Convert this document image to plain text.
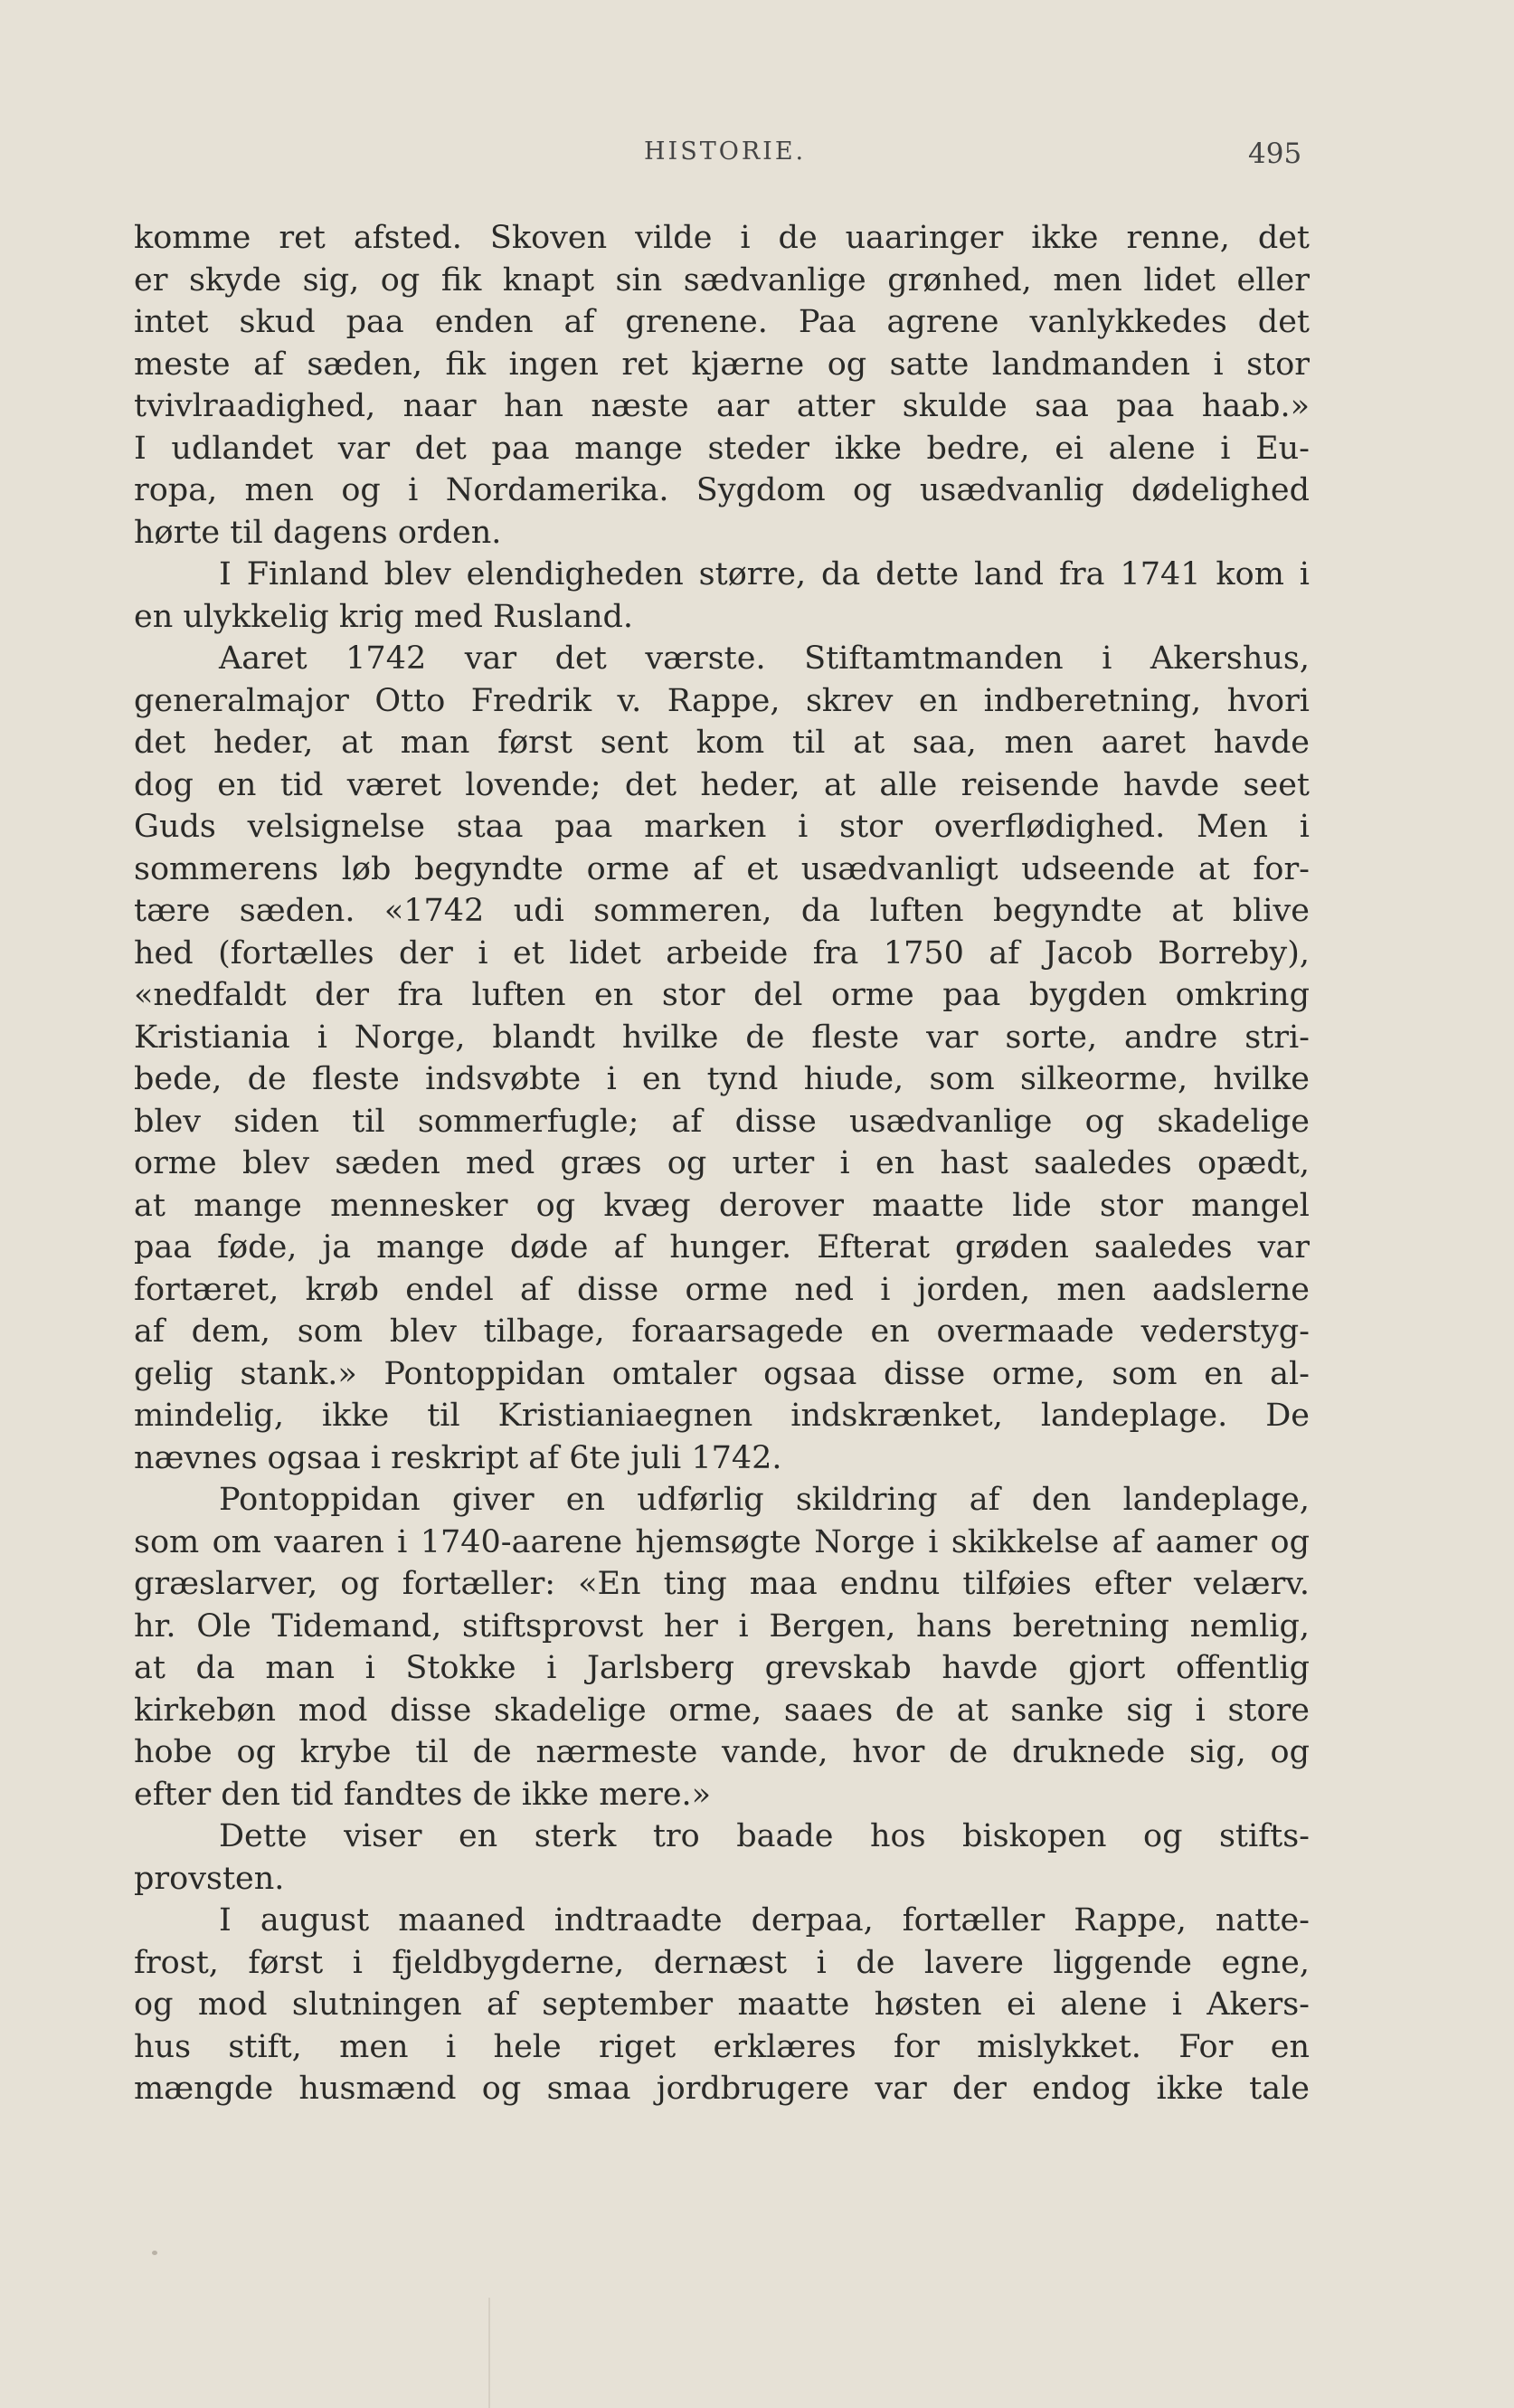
HISTORIE.	495
komme ret afsted. Skoven vilde i de uaaringer ikke renne, det
er skyde sig, og fik knapt sin sædvanlige grønhed, men lidet eller
intet skud paa enden af grenene. Paa agrene vanlykkedes det
meste af sæden, fik ingen ret kjærne og satte landmanden i stor
tvivlraadighed, naar han næste aar atter skulde saa paa haab.»
I udlandet var det paa mange steder ikke bedre, ei alene i Eu-
ropa, men og i Nordamerika. Sygdom og usædvanlig dødelighed
hørte til dagens orden.
I Finland blev elendigheden større, da dette land fra 1741 kom i
en ulykkelig krig med Rusland.
Aaret 1742 var det værste. Stiftamtmanden i Akershus,
generalmajor Otto Fredrik v. Rappe, skrev en indberetning, hvori
det heder, at man først sent kom til at saa, men aaret havde
dog en tid været lovende; det heder, at alle reisende havde seet
Guds velsignelse staa paa marken i stor overflødighed. Men i
sommerens løb begyndte orme af et usædvanligt udseende at for-
tære sæden. «1742 udi sommeren, da luften begyndte at blive
hed (fortælles der i et lidet arbeide fra 1750 af Jacob Borreby),
«nedfaldt der fra luften en stor del orme paa bygden omkring
Kristiania i Norge, blandt hvilke de fleste var sorte, andre stri-
bede, de fleste indsvøbte i en tynd hiude, som silkeorme, hvilke
blev siden til sommerfugle; af disse usædvanlige og skadelige
orme blev sæden med græs og urter i en hast saaledes opædt,
at mange mennesker og kvæg derover maatte lide stor mangel
paa føde, ja mange døde af hunger. Efterat grøden saaledes var
fortæret, krøb endel af disse orme ned i jorden, men aadslerne
af dem, som blev tilbage, foraarsagede en overmaade vederstyg-
gelig stank.» Pontoppidan omtaler ogsaa disse orme, som en al-
mindelig, ikke til Kristianiaegnen indskrænket, landeplage. De
nævnes ogsaa i reskript af 6te juli 1742.
Pontoppidan giver en udførlig skildring af den landeplage,
som om vaaren i 1740-aarene hjemsøgte Norge i skikkelse af aamer og
græslarver, og fortæller: «En ting maa endnu tilføies efter velærv.
hr. Ole Tidemand, stiftsprovst her i Bergen, hans beretning nemlig,
at da man i Stokke i Jarlsberg grevskab havde gjort offentlig
kirkebøn mod disse skadelige orme, saaes de at sanke sig i store
hobe og krybe til de nærmeste vande, hvor de druknede sig, og
efter den tid fandtes de ikke mere.»
Dette viser en sterk tro baade hos biskopen og stifts-
provsten.
I august maaned indtraadte derpaa, fortæller Rappe, natte-
frost, først i fjeldbygderne, dernæst i de lavere liggende egne,
og mod slutningen af september maatte høsten ei alene i Akers-
hus stift, men i hele riget erklæres for mislykket. For en
mængde husmænd og smaa jordbrugere var der endog ikke tale
